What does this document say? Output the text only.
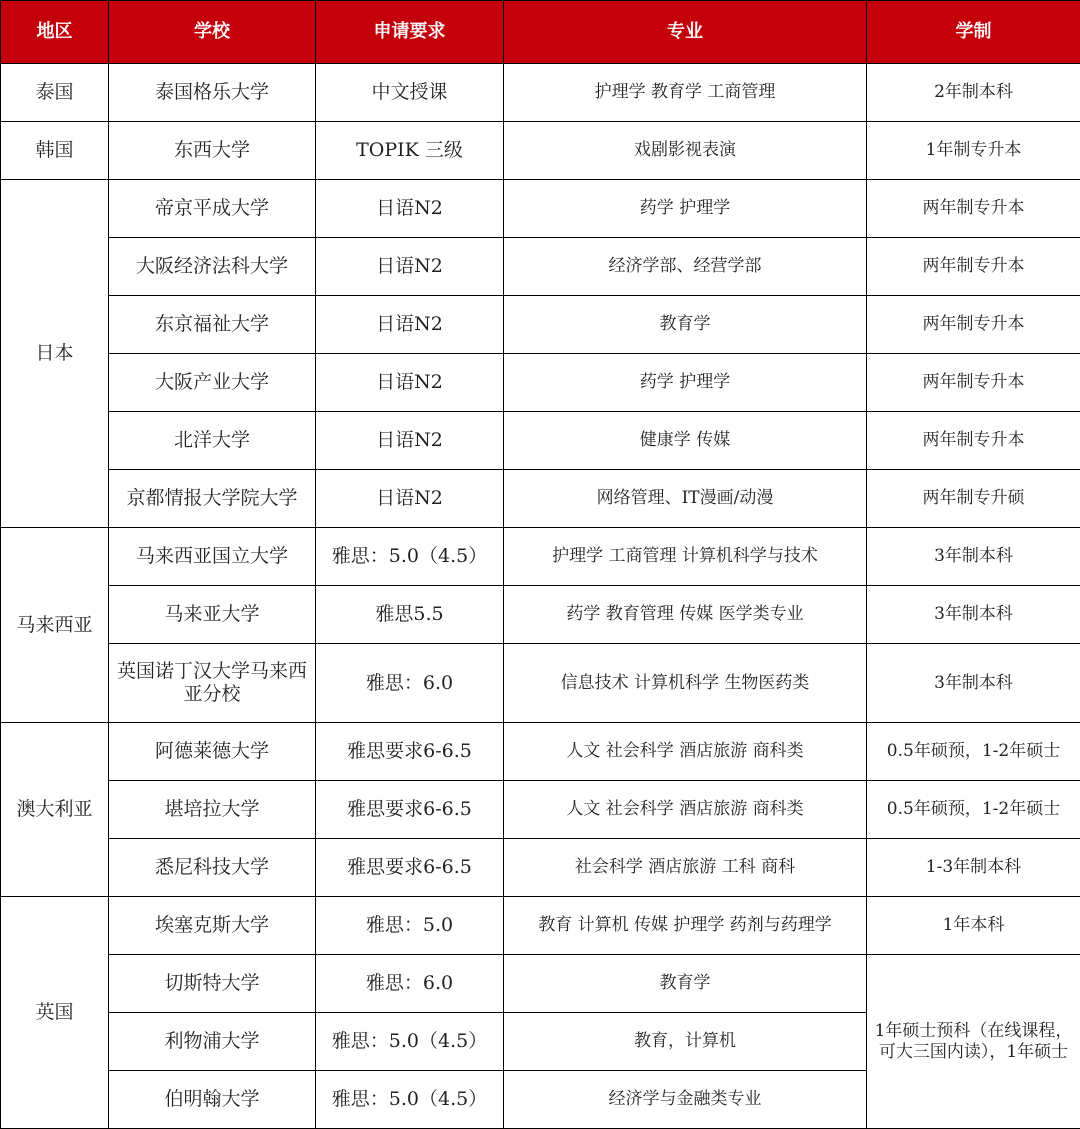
地区	学校	申请要求	专业	学制
泰国	泰国格乐大学	中文授课	护理学 教育学 工商管理	2年制本科
韩国	东西大学	TOPIK 三级	戏剧影视表演	1年制专升本
日本	帝京平成大学	日语N2	药学 护理学	两年制专升本
	大阪经济法科大学	日语N2	经济学部、经营学部	两年制专升本
	东京福祉大学	日语N2	教育学	两年制专升本
	大阪产业大学	日语N2	药学 护理学	两年制专升本
	北洋大学	日语N2	健康学 传媒	两年制专升本
	京都情报大学院大学	日语N2	网络管理、IT漫画/动漫	两年制专升硕
马来西亚	马来西亚国立大学	雅思：5.0（4.5）	护理学 工商管理 计算机科学与技术	3年制本科
	马来亚大学	雅思5.5	药学 教育管理 传媒 医学类专业	3年制本科
	英国诺丁汉大学马来西亚分校	雅思：6.0	信息技术 计算机科学 生物医药类	3年制本科
澳大利亚	阿德莱德大学	雅思要求6-6.5	人文 社会科学 酒店旅游 商科类	0.5年硕预，1-2年硕士
	堪培拉大学	雅思要求6-6.5	人文 社会科学 酒店旅游 商科类	0.5年硕预，1-2年硕士
	悉尼科技大学	雅思要求6-6.5	社会科学 酒店旅游 工科 商科	1-3年制本科
英国	埃塞克斯大学	雅思：5.0	教育 计算机 传媒 护理学 药剂与药理学	1年本科
	切斯特大学	雅思：6.0	教育学	1年硕士预科（在线课程，可大三国内读），1年硕士
	利物浦大学	雅思：5.0（4.5）	教育，计算机	
	伯明翰大学	雅思：5.0（4.5）	经济学与金融类专业	
